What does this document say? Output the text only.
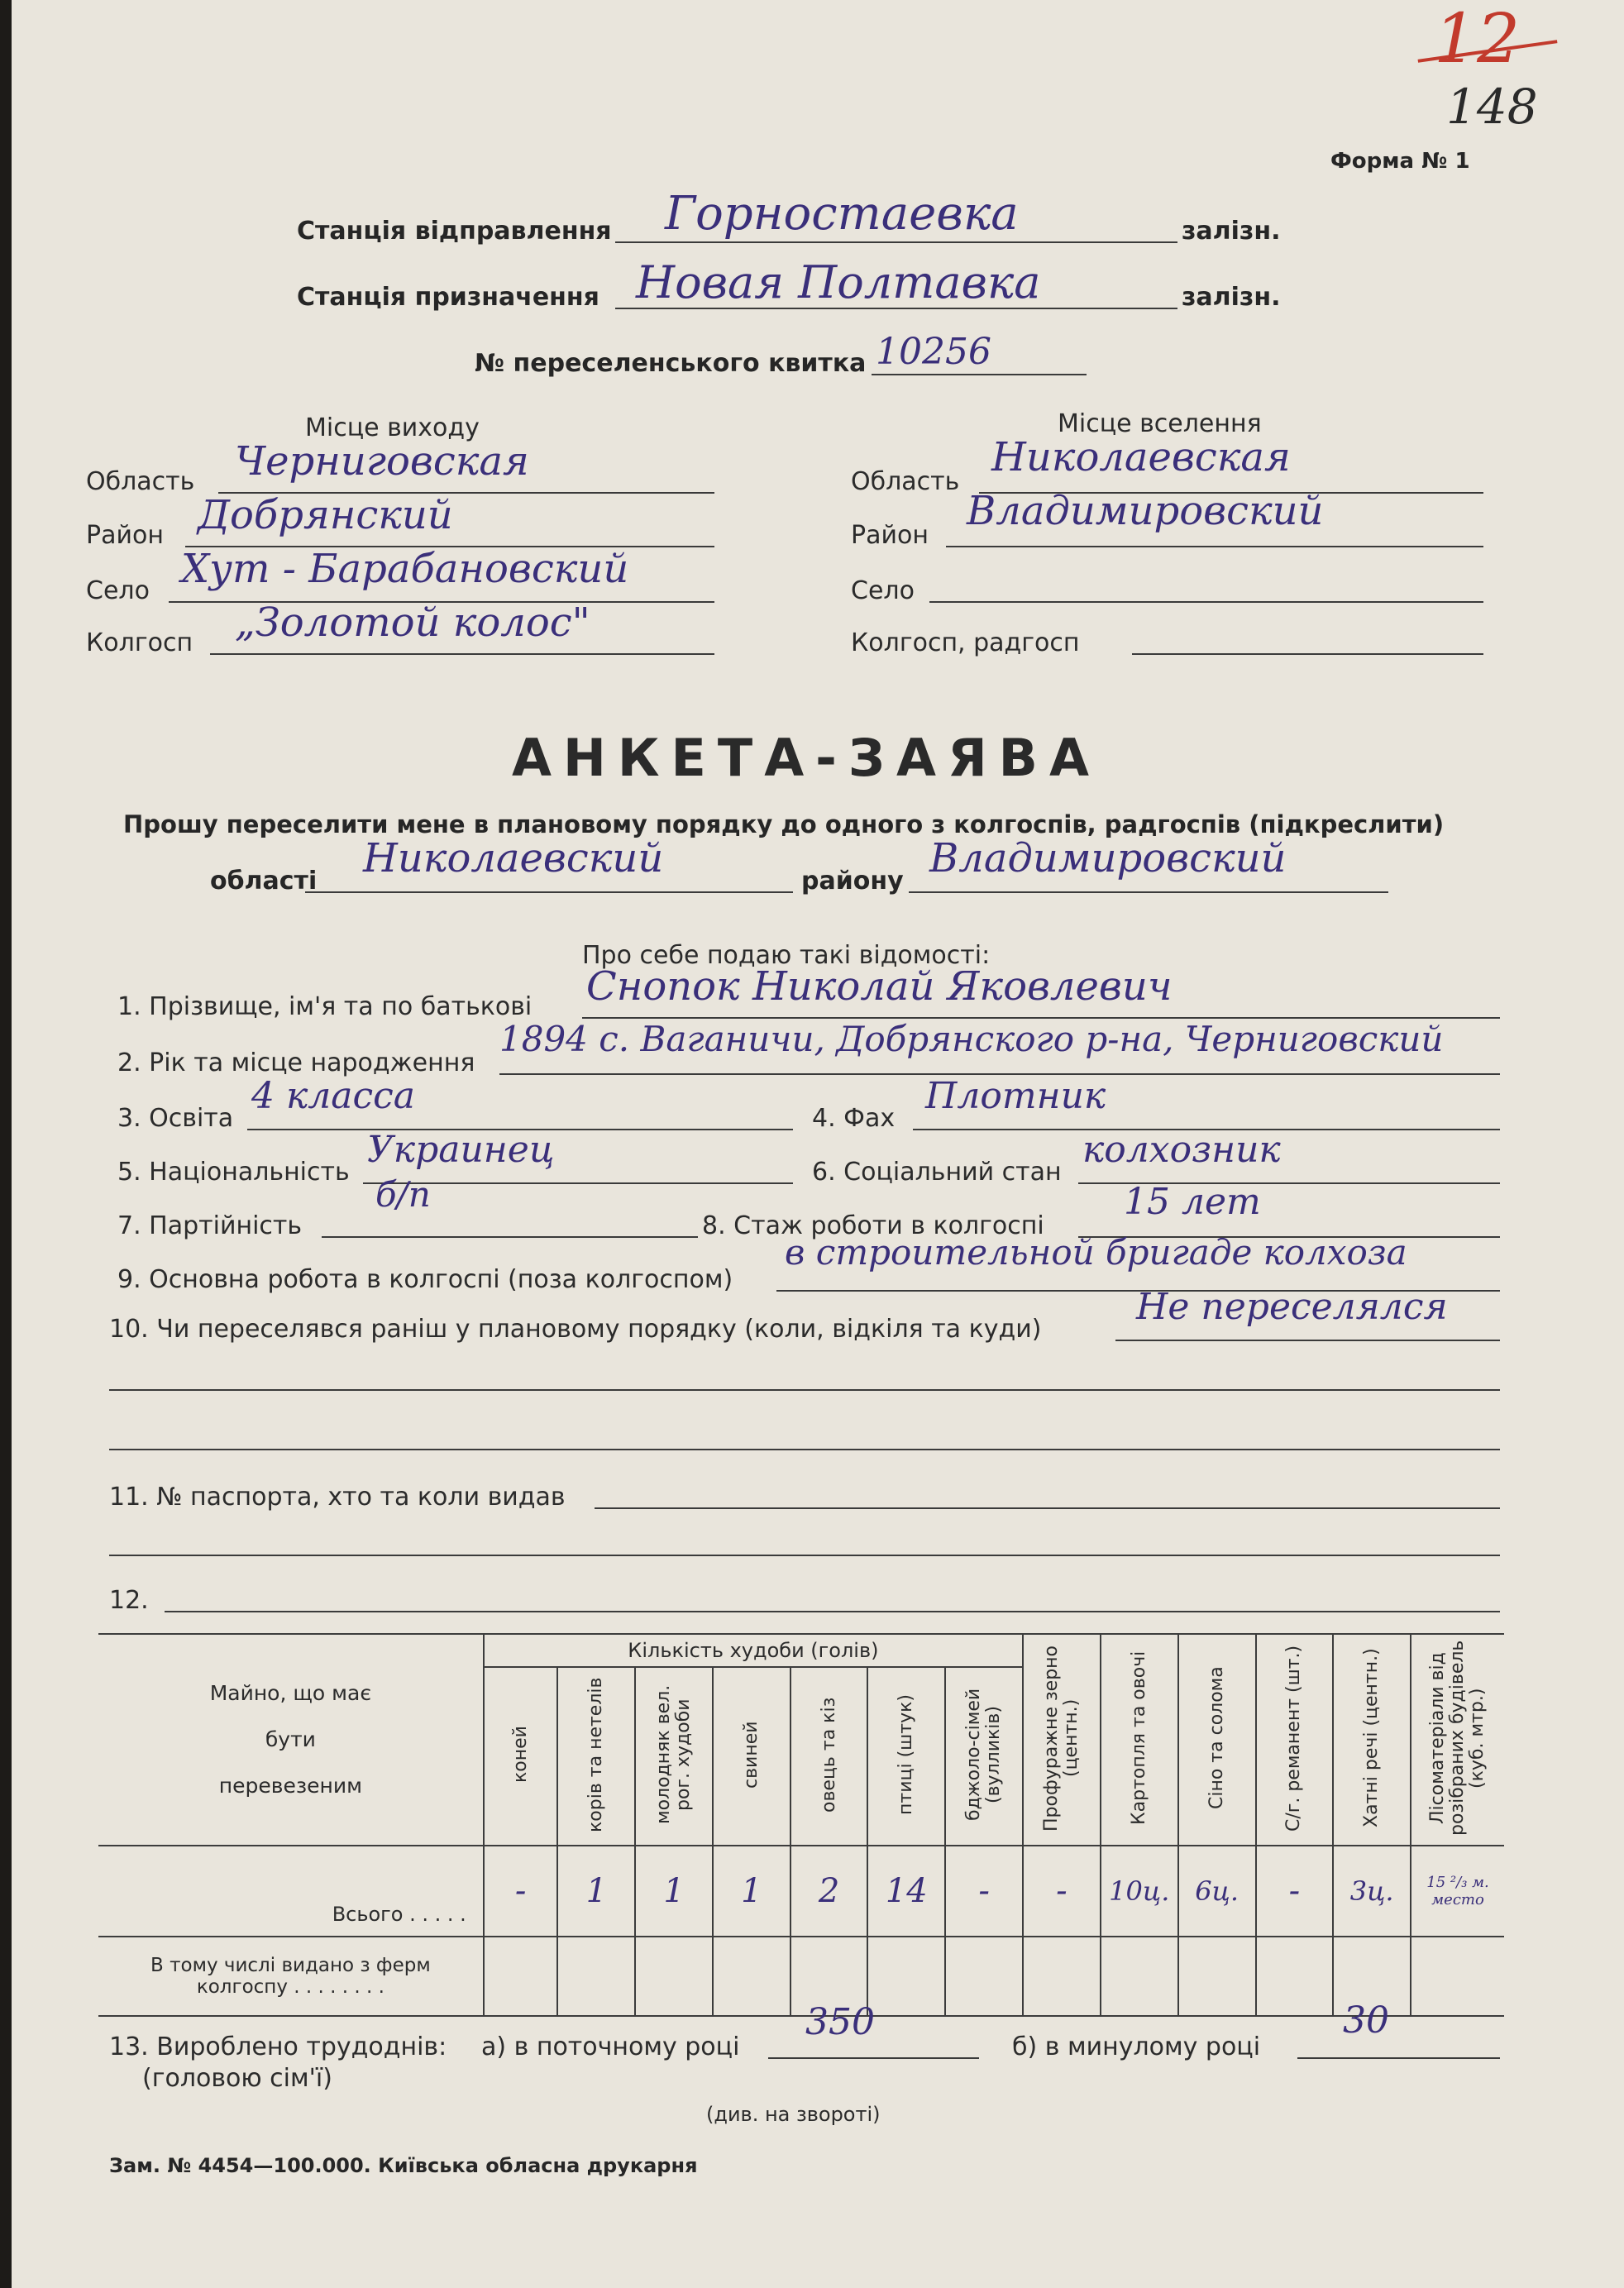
12
148
Форма № 1
Станція відправлення Горностаевка	залізн.
Станція призначення Новая Полтавка	залізн.
№ переселенського квитка 10256
Місце виходу
Область Черниговская
Район Добрянский
Село Хут - Барабановский
Колгосп „Золотой колос"
Місце вселення
Область
Николаевская
Район
Владимировский
Село
Колгосп, радгосп
АНКЕТА-ЗАЯВА
Прошу переселити мене в плановому порядку до одного з колгоспів, радгоспів (підкреслити)
області Николаевский	району Владимировский
Про себе подаю такі відомості:
1. Прізвище, ім'я та по батькові Снопок Николай Яковлевич
2. Рік та місце народження
1894 с. Ваганичи, Добрянского р-на, Черниговский
3. Освіта
4 класса
4. Фах
Плотник
5. Національність
Украинец
6. Соціальний стан
колхозник
7. Партійність
б/п
8. Стаж роботи в колгоспі
15 лет
9. Основна робота в колгоспі (поза колгоспом)
в строительной бригаде колхоза
10. Чи переселявся раніш у плановому порядку (коли, відкіля та куди)
Не переселялся
11. № паспорта, хто та коли видав
12.
Майно, що має бути перевезеним	Кількість худоби (голів)							Профуражне зерно (центн.)	Картопля та овочі	Сіно та солома	С/г. реманент (шт.)	Хатні речі (центн.)	Лісоматеріали від розібраних будівель (куб. мтр.)
	коней	корів та нетелів	молодняк вел. рог. худоби	свиней	овець та кіз	птиці (штук)	бджоло-сімей (вулликів)						
Всього . . . . .	-	1	1	1	2	14	-	-	10ц.	6ц.	-	3ц.	15 ²/₃ м. место

В тому числі видано з ферм
колгоспу . . . . . . . .													

13. Вироблено трудоднів:
(головою сім'ї)
а) в поточному році
350
б) в минулому році
30
(див. на звороті)
Зам. № 4454—100.000. Київська обласна друкарня
